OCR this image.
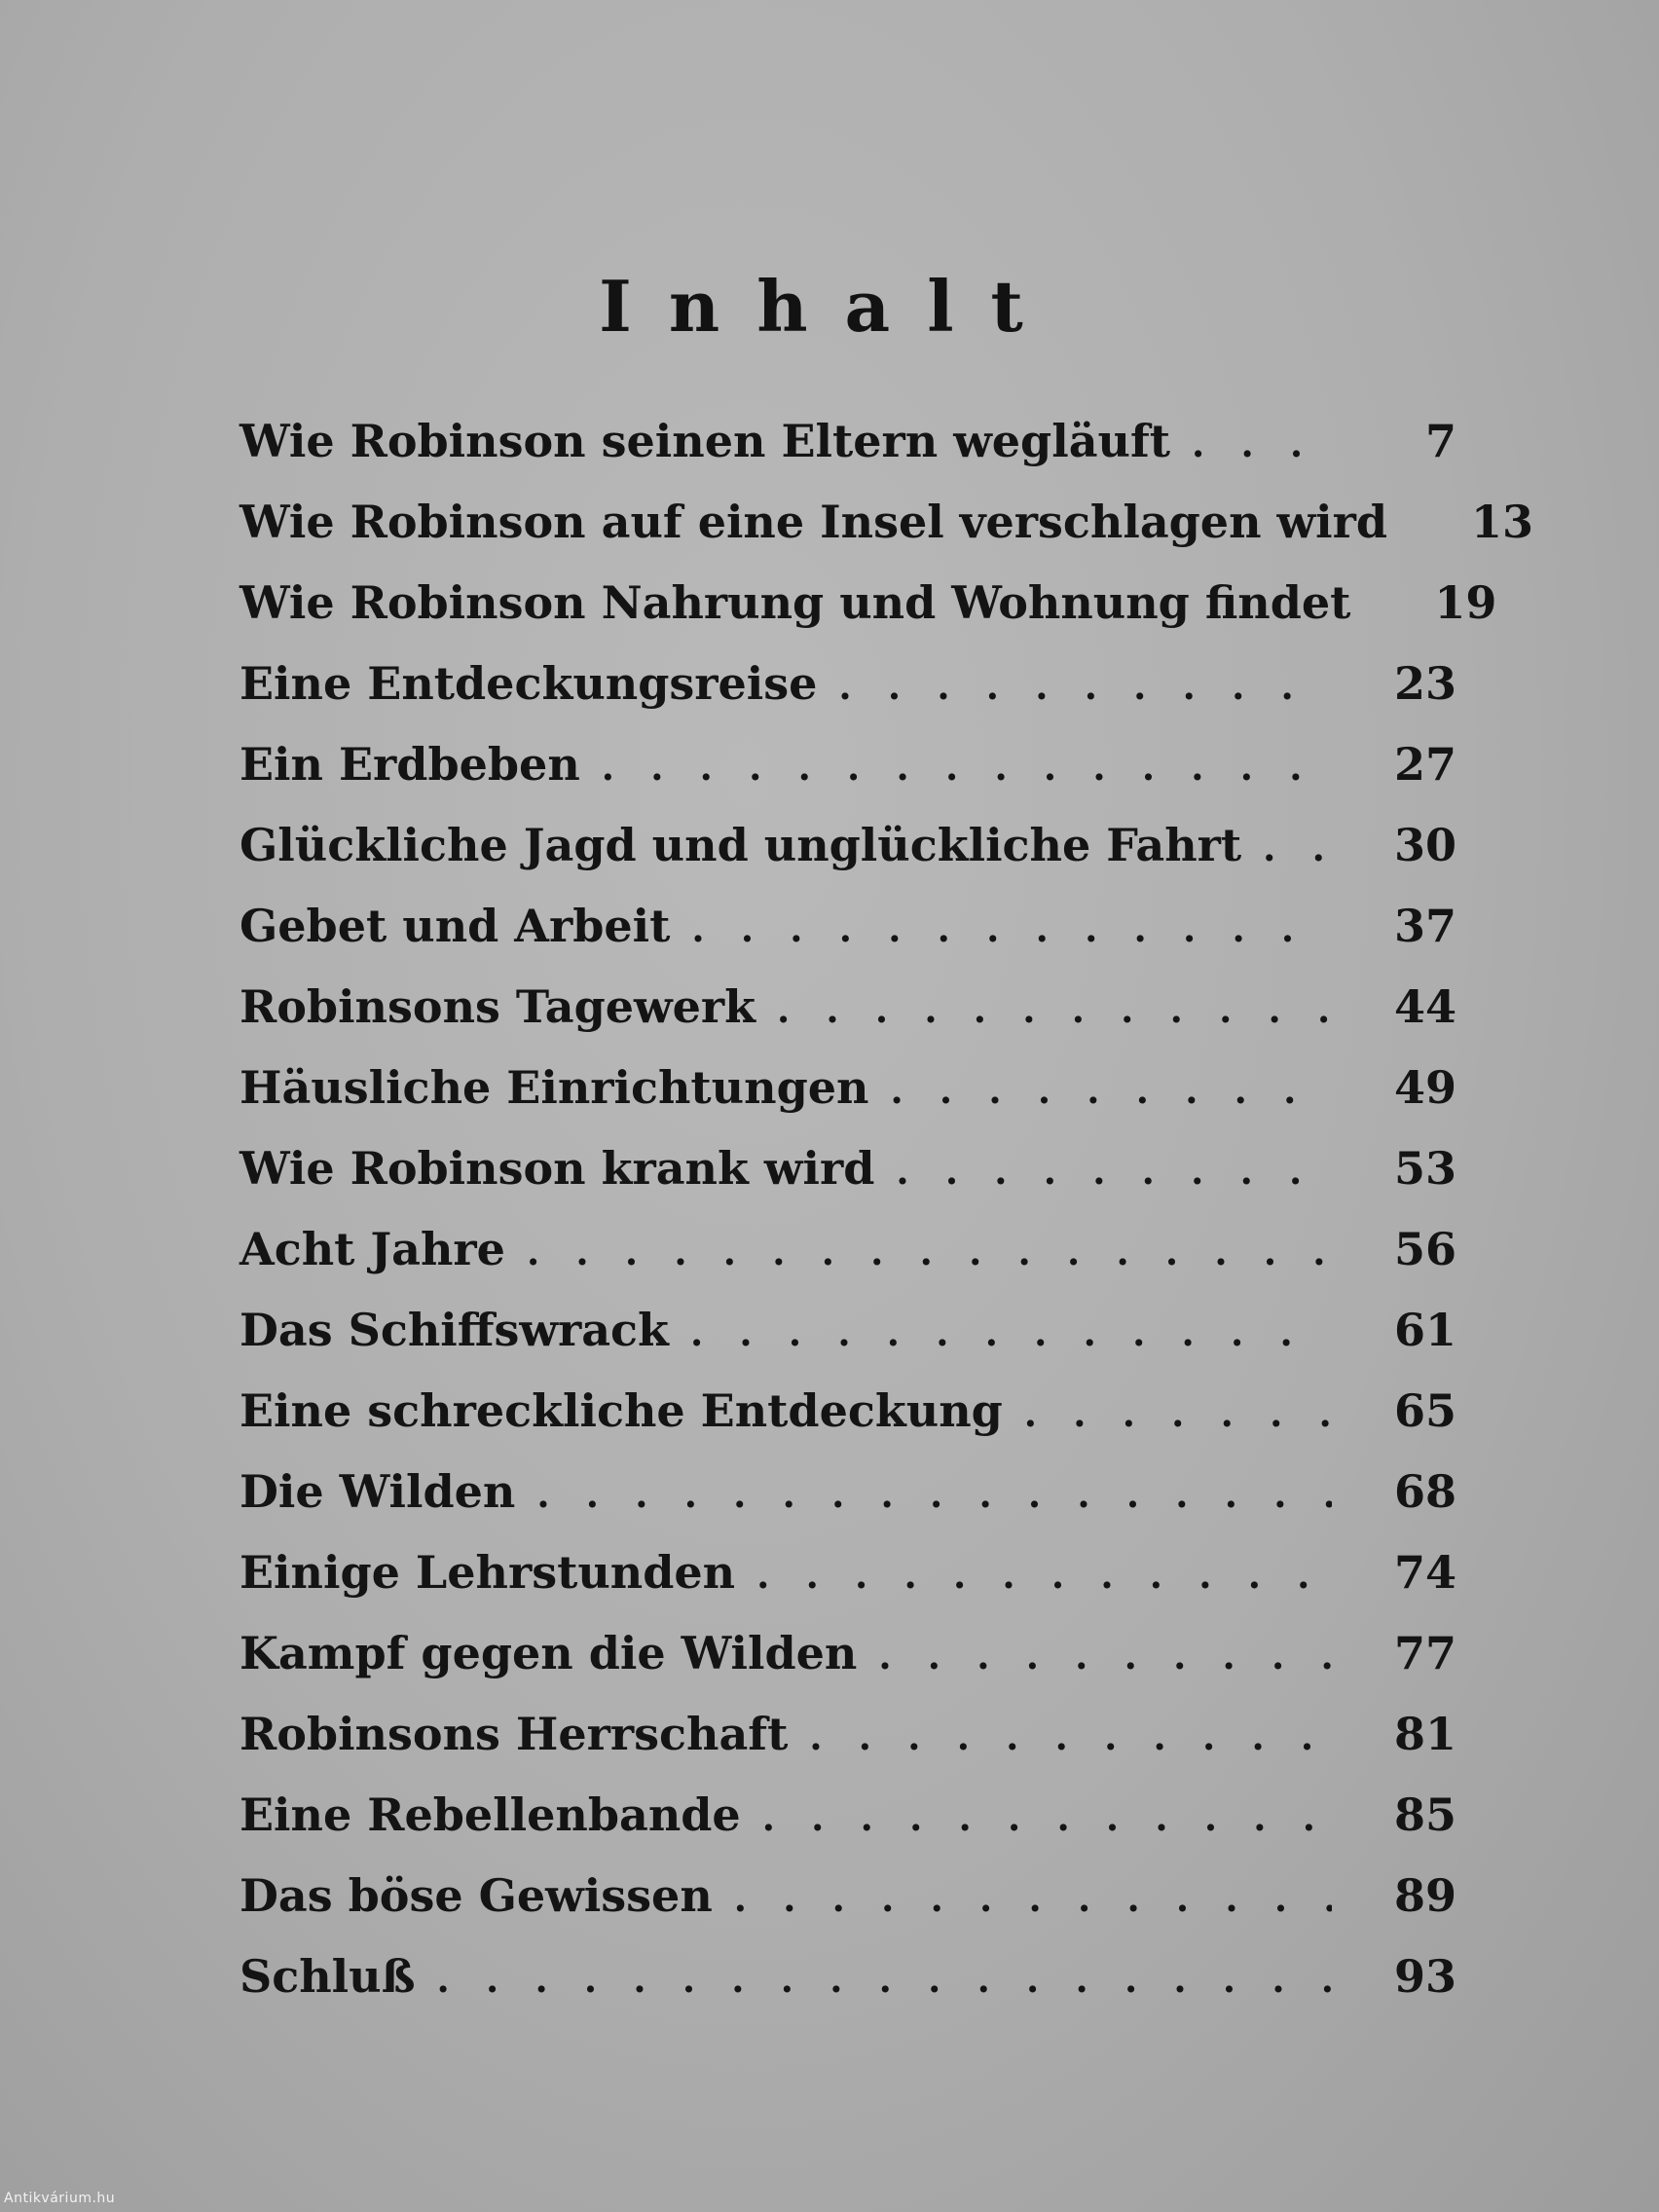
Inhalt
Wie Robinson seinen Eltern wegläuft . . .	7
Wie Robinson auf eine Insel verschlagen wird	13
Wie Robinson Nahrung und Wohnung findet	19
Eine Entdeckungsreise . . .	23
Ein Erdbeben . . .	27
Glückliche Jagd und unglückliche Fahrt . . .	30
Gebet und Arbeit . . .	37
Robinsons Tagewerk . . .	44
Häusliche Einrichtungen . . .	49
Wie Robinson krank wird . . .	53
Acht Jahre . . .	56
Das Schiffswrack . . .	61
Eine schreckliche Entdeckung . . .	65
Die Wilden . . .	68
Einige Lehrstunden . . .	74
Kampf gegen die Wilden . . .	77
Robinsons Herrschaft . . .	81
Eine Rebellenbande . . .	85
Das böse Gewissen . . .	89
Schluß . . .	93
Antikvárium.hu
